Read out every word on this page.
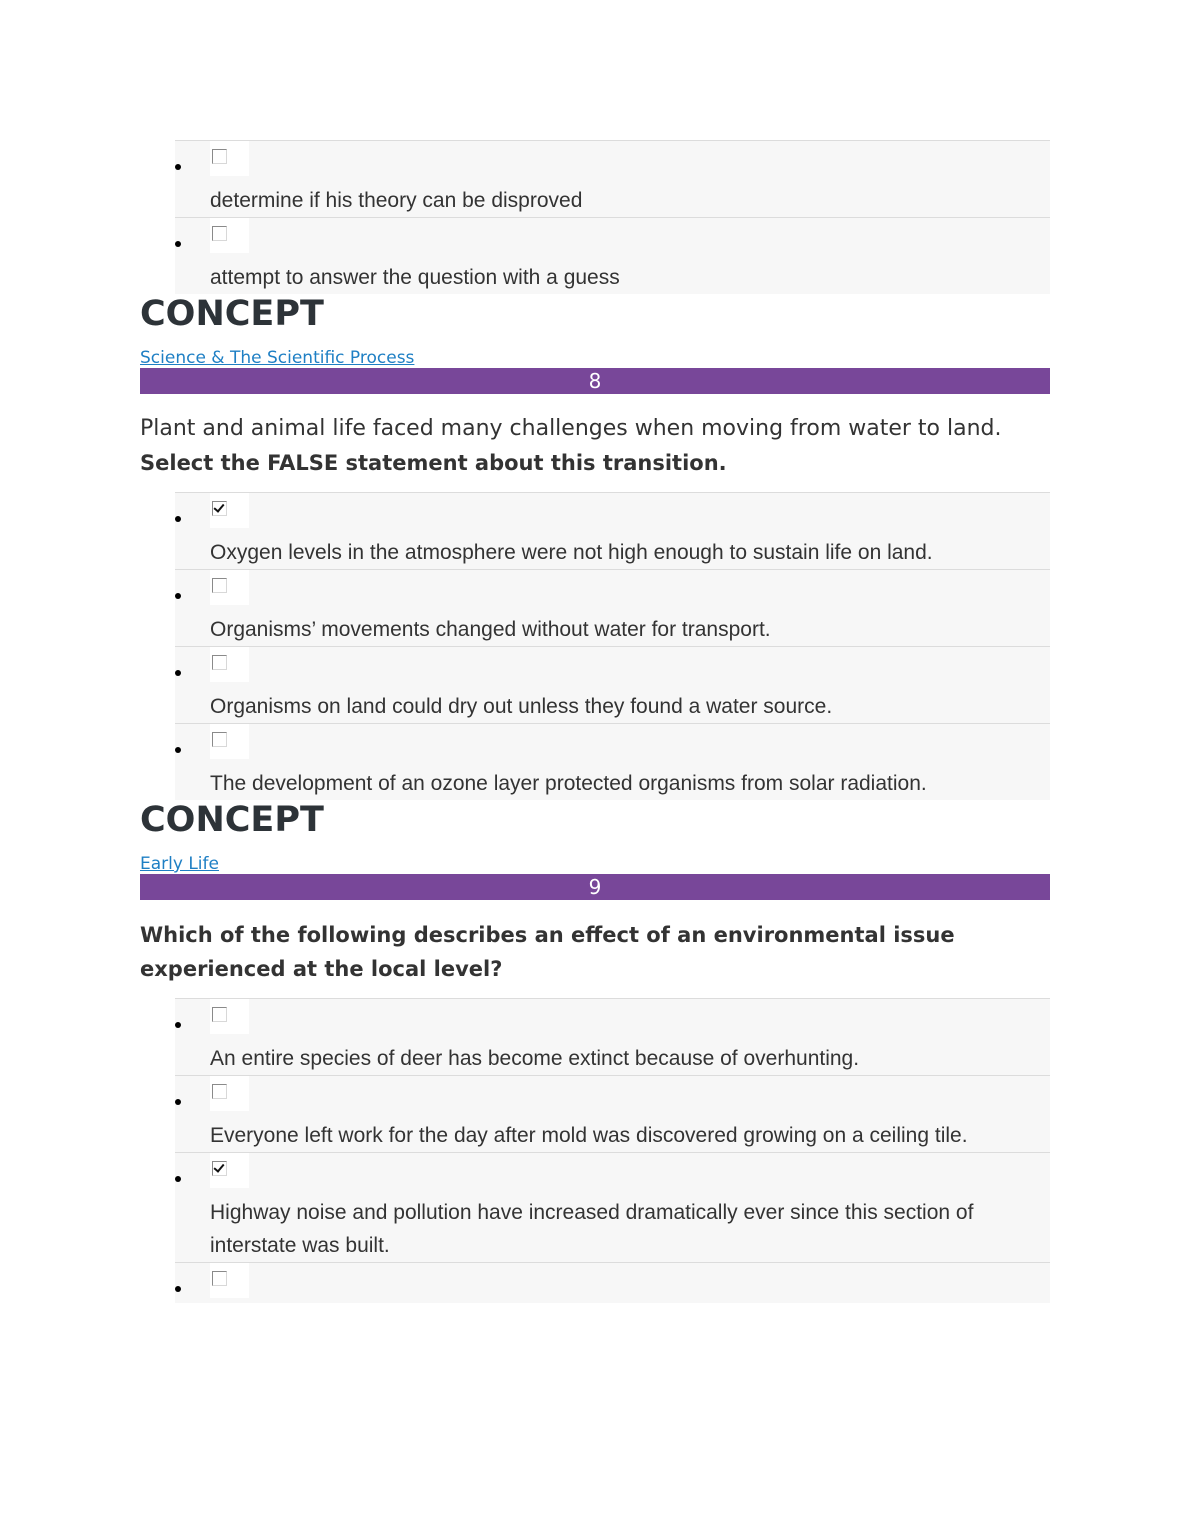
determine if his theory can be disproved
attempt to answer the question with a guess
CONCEPT
Science & The Scientific Process
8

Plant and animal life faced many challenges when moving from water to land.

Select the FALSE statement about this transition.

Oxygen levels in the atmosphere were not high enough to sustain life on land.
Organisms’ movements changed without water for transport.
Organisms on land could dry out unless they found a water source.
The development of an ozone layer protected organisms from solar radiation.
CONCEPT
Early Life
9

Which of the following describes an effect of an environmental issue experienced at the local level?

An entire species of deer has become extinct because of overhunting.
Everyone left work for the day after mold was discovered growing on a ceiling tile.
Highway noise and pollution have increased dramatically ever since this section of interstate was built.
